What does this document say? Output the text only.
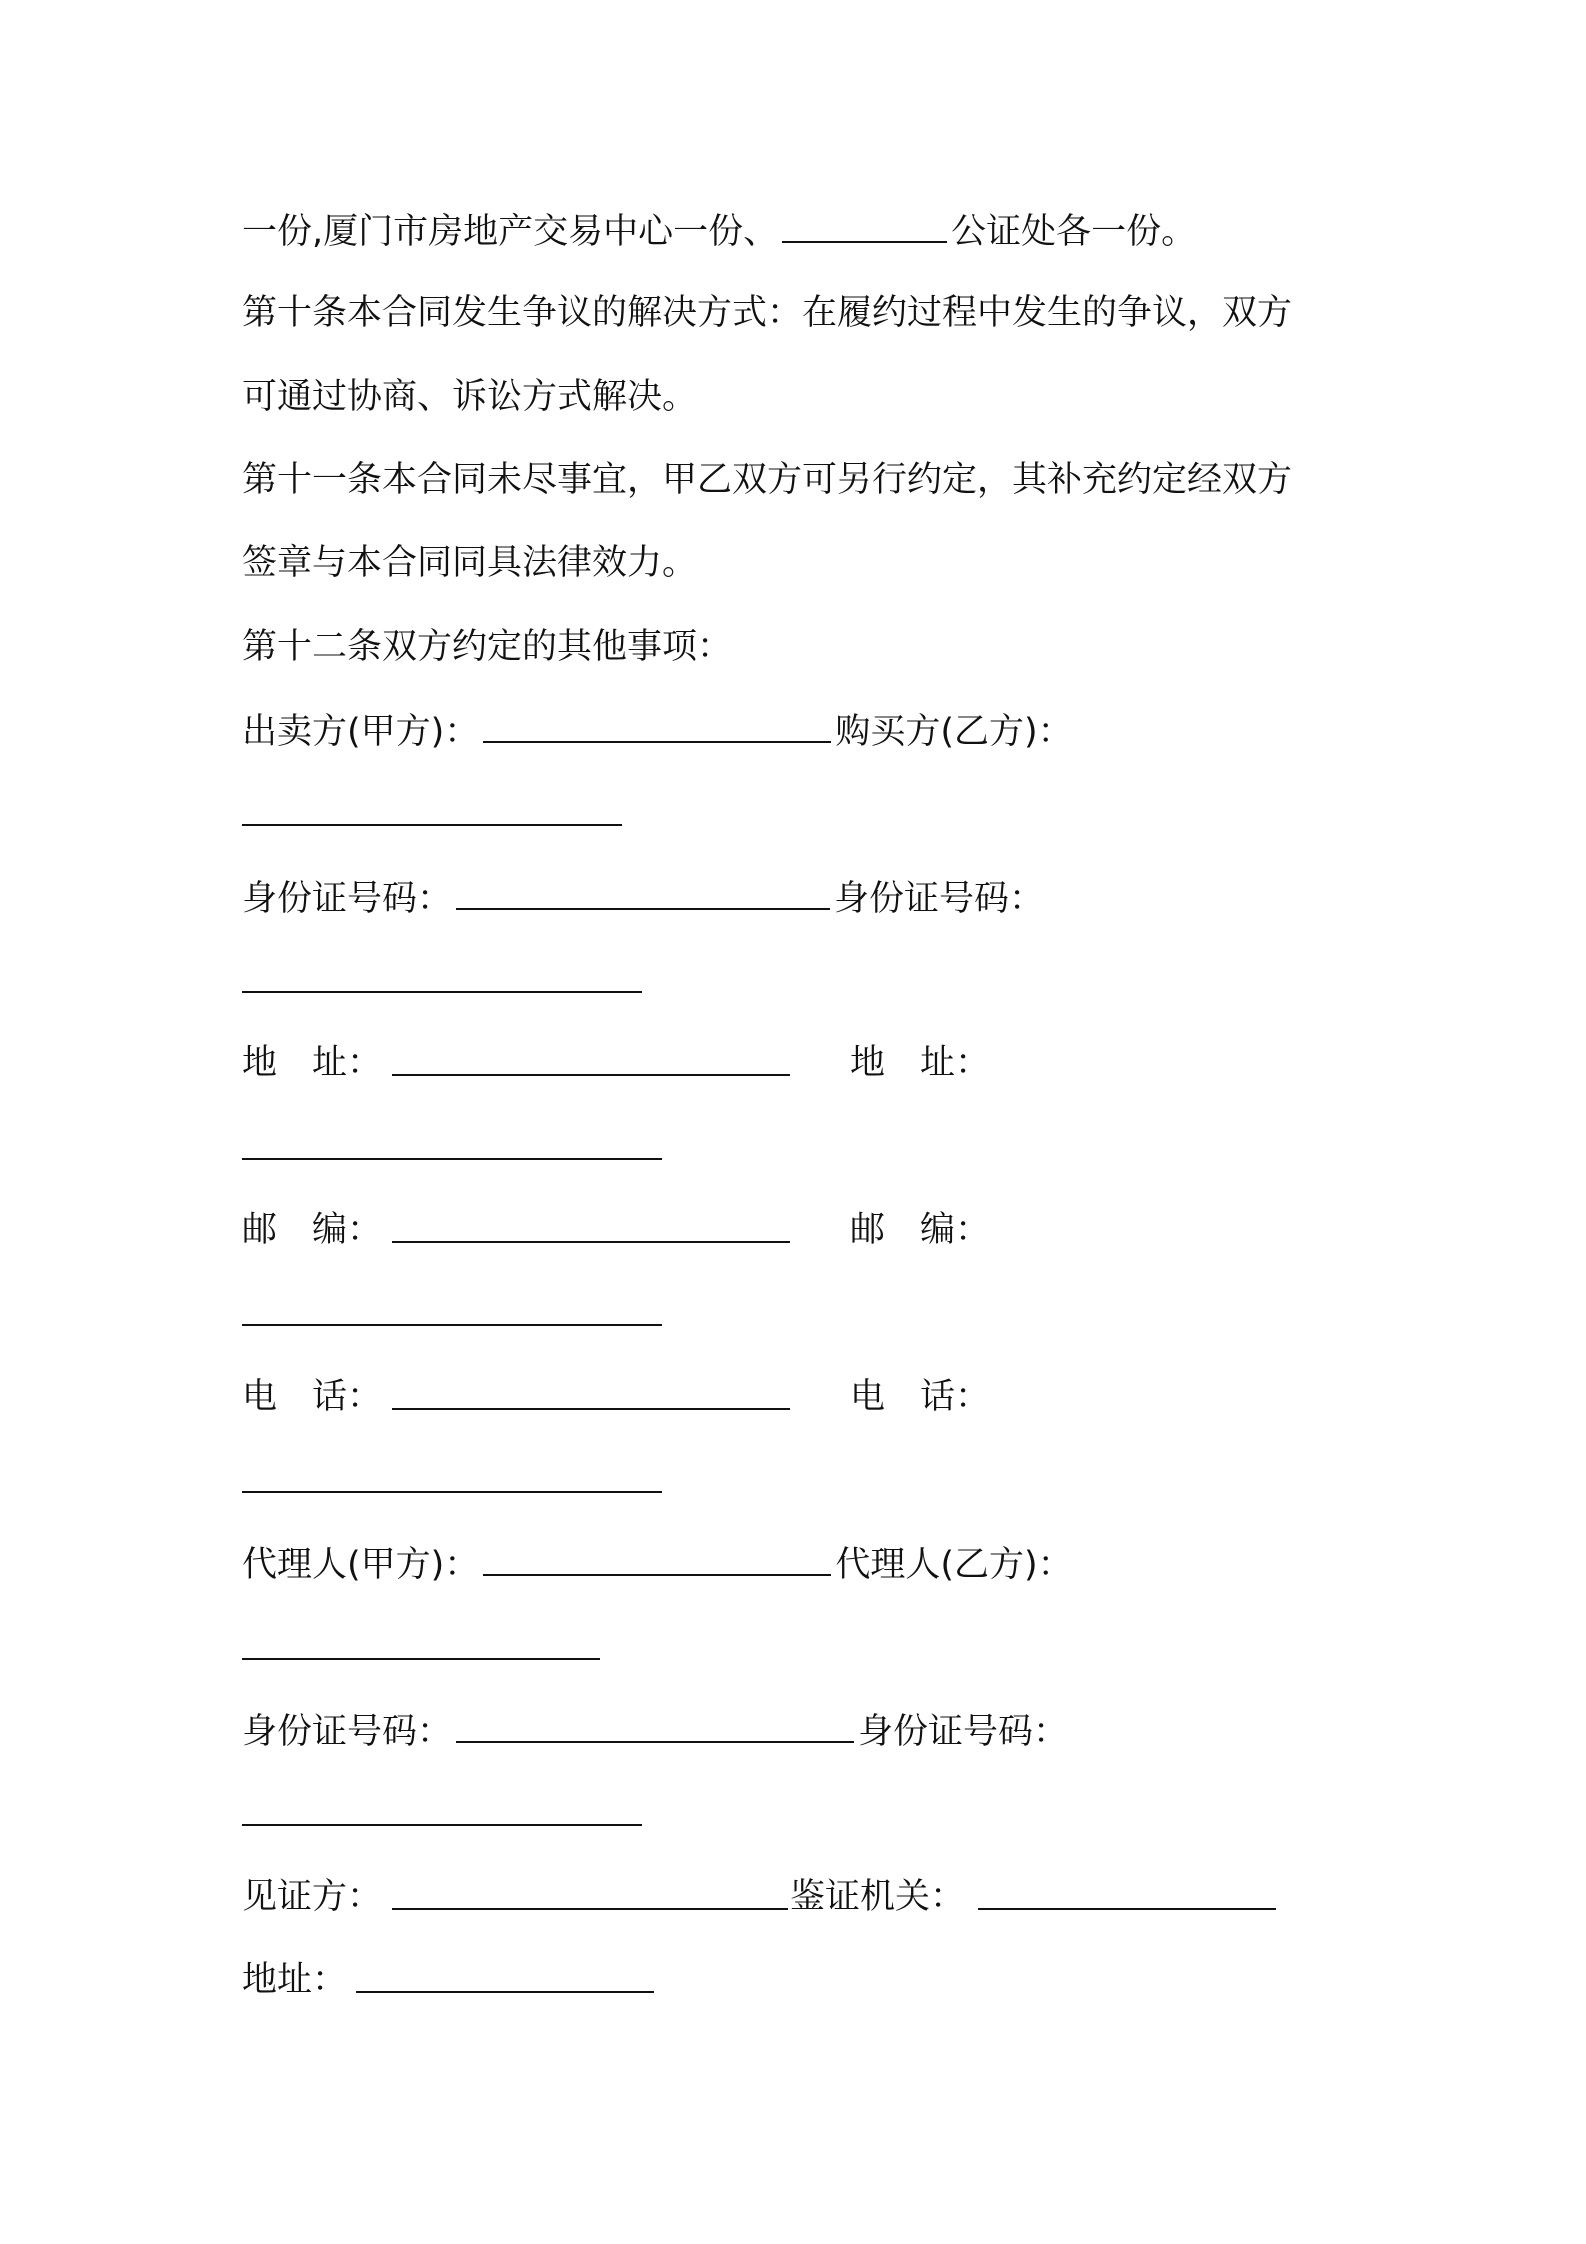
一份,厦门市房地产交易中心一份、	公证处各一份。
第十条本合同发生争议的解决方式：在履约过程中发生的争议，双方
可通过协商、诉讼方式解决。
第十一条本合同未尽事宜，甲乙双方可另行约定，其补充约定经双方
签章与本合同同具法律效力。
第十二条双方约定的其他事项：
出卖方(甲方)：	购买方(乙方)：
身份证号码：	身份证号码：
地　址：	地　址：
邮　编：	邮　编：
电　话：	电　话：
代理人(甲方)：	代理人(乙方)：
身份证号码：	身份证号码：
见证方：	鉴证机关：
地址：
